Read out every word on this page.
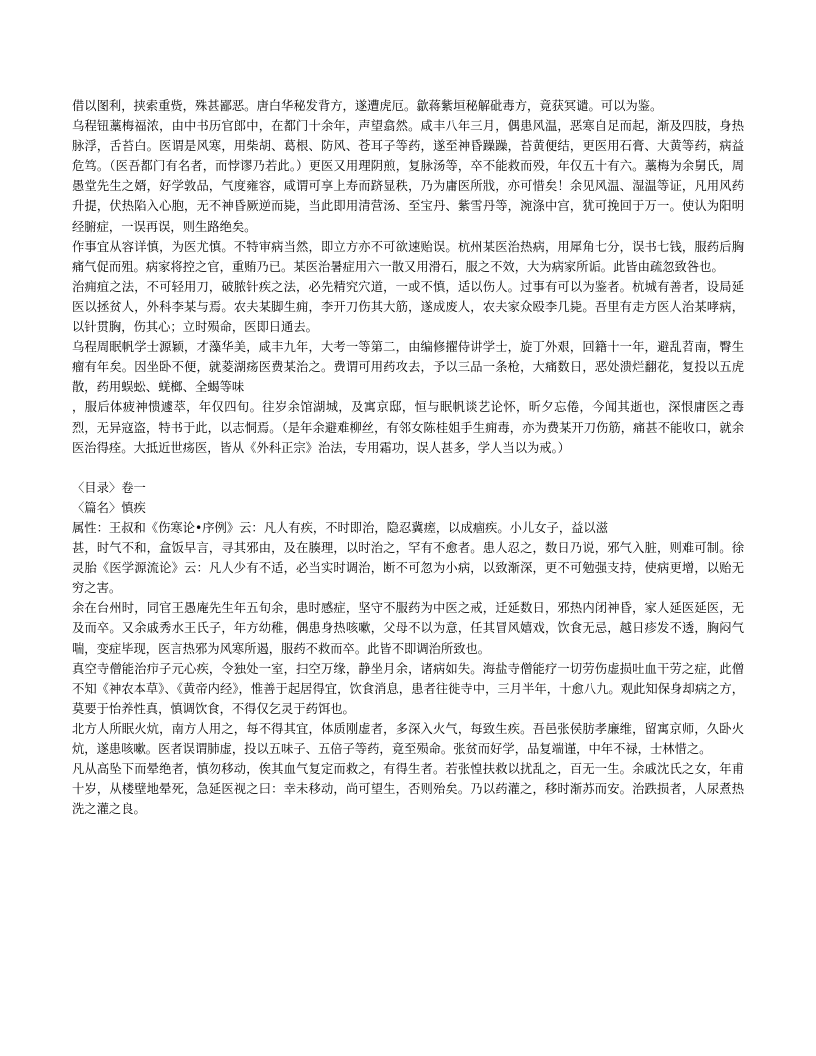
借以图利，挟索重赀，殊甚鄙恶。唐白华秘发背方，遂遭虎厄。歙蒋紫垣秘解砒毒方，竟获冥谴。可以为鉴。

乌程钮藁梅福浓，由中书历官郎中，在都门十余年，声望翕然。咸丰八年三月，偶患风温，恶寒自足而起，渐及四肢，身热脉浮，舌苔白。医谓是风寒，用柴胡、葛根、防风、苍耳子等药，遂至神昏躁躁，苔黄便结，更医用石膏、大黄等药，病益危笃。（医吾都门有名者，而悖谬乃若此。）更医又用理阴煎，复脉汤等，卒不能救而殁，年仅五十有六。藁梅为余舅氏，周愚堂先生之婿，好学敦品，气度雍容，咸谓可享上寿而跻显秩，乃为庸医所戕，亦可惜矣！余见风温、湿温等证，凡用风药升提，伏热陷入心胞，无不神昏厥逆而毙，当此即用清营汤、至宝丹、紫雪丹等，涴涤中宫，犹可挽回于万一。使认为阳明经腑症，一误再误，则生路绝矣。

作事宜从容详慎，为医尤慎。不特审病当然，即立方亦不可欲速贻误。杭州某医治热病，用犀角七分，误书七钱，服药后胸痛气促而殂。病家将控之官，重贿乃已。某医治暑症用六一散又用滑石，服之不效，大为病家所诟。此皆由疏忽致咎也。

治痈疽之法，不可轻用刀，破脓针疾之法，必先精究穴道，一或不慎，适以伤人。过事有可以为鉴者。杭城有善者，设局延医以拯贫人，外科李某与焉。农夫某脚生痈，李开刀伤其大筋，遂成废人，农夫家众殴李几毙。吾里有走方医人治某哮病，以针贯胸，伤其心；立时殒命，医即日通去。

乌程周眠帆学士源颖，才藻华美，咸丰九年，大考一等第二，由编修擢侍讲学士，旋丁外艰，回籍十一年，避乱苕南，臀生瘤有年矣。因坐卧不便，就菱湖疡医费某治之。费谓可用药攻去，予以三品一条枪，大痛数日，恶处溃烂翻花，复投以五虎散，药用蜈蚣、蜣榔、全蝎等味

，服后体疲神愦遽萃，年仅四旬。往岁余馆湖城，及寓京邸，恒与眠帆谈艺论怀，昕夕忘倦，今闻其逝也，深恨庸医之毒烈，无异寇盗，特书于此，以志恫焉。（是年余避难柳丝，有邻女陈桂姐手生痈毒，亦为费某开刀伤筋，痛甚不能收口，就余医治得痊。大抵近世疡医，皆从《外科正宗》治法，专用霜功，误人甚多，学人当以为戒。）

〈目录〉卷一

〈篇名〉慎疾

属性：王叔和《伤寒论•序例》云：凡人有疾，不时即治，隐忍冀瘥，以成痼疾。小儿女子，益以滋

甚，时气不和，盒饭早言，寻其邪由，及在腠理，以时治之，罕有不愈者。患人忍之，数日乃说，邪气入脏，则难可制。徐灵胎《医学源流论》云：凡人少有不适，必当实时调治，断不可忽为小病，以致渐深，更不可勉强支持，使病更增，以贻无穷之害。

余在台州时，同官王愚庵先生年五旬余，患时感症，坚守不服药为中医之戒，迁延数日，邪热内闭神昏，家人延医延医，无及而卒。又余戚秀水王氏子，年方幼稚，偶患身热咳嗽，父母不以为意，任其冒风嬉戏，饮食无忌，越日疹发不透，胸闷气喘，变症毕现，医言热邪为风寒所遏，服药不救而卒。此皆不即调治所致也。

真空寺僧能治疖子元心疾，令独处一室，扫空万缘，静坐月余，诸病如失。海盐寺僧能疗一切劳伤虚损吐血干劳之症，此僧不知《神农本草》、《黄帝内经》，惟善于起居得宜，饮食消息，患者往徙寺中，三月半年，十愈八九。观此知保身却病之方，莫要于怡养性真，慎调饮食，不得仅乞灵于药饵也。

北方人所眠火炕，南方人用之，每不得其宜，体质刚虚者，多深入火气，每致生疾。吾邑张侯肪孝廉维，留寓京师，久卧火炕，遂患咳嗽。医者误谓肺虚，投以五味子、五倍子等药，竟至殒命。张贫而好学，品复端谨，中年不禄，士林惜之。

凡从高坠下而晕绝者，慎勿移动，俟其血气复定而救之，有得生者。若张惶扶救以扰乱之，百无一生。余戚沈氏之女，年甫十岁，从楼壁地晕死，急延医视之曰：幸未移动，尚可望生，否则殆矣。乃以药灌之，移时渐苏而安。治跌损者，人尿煮热洗之灌之良。
